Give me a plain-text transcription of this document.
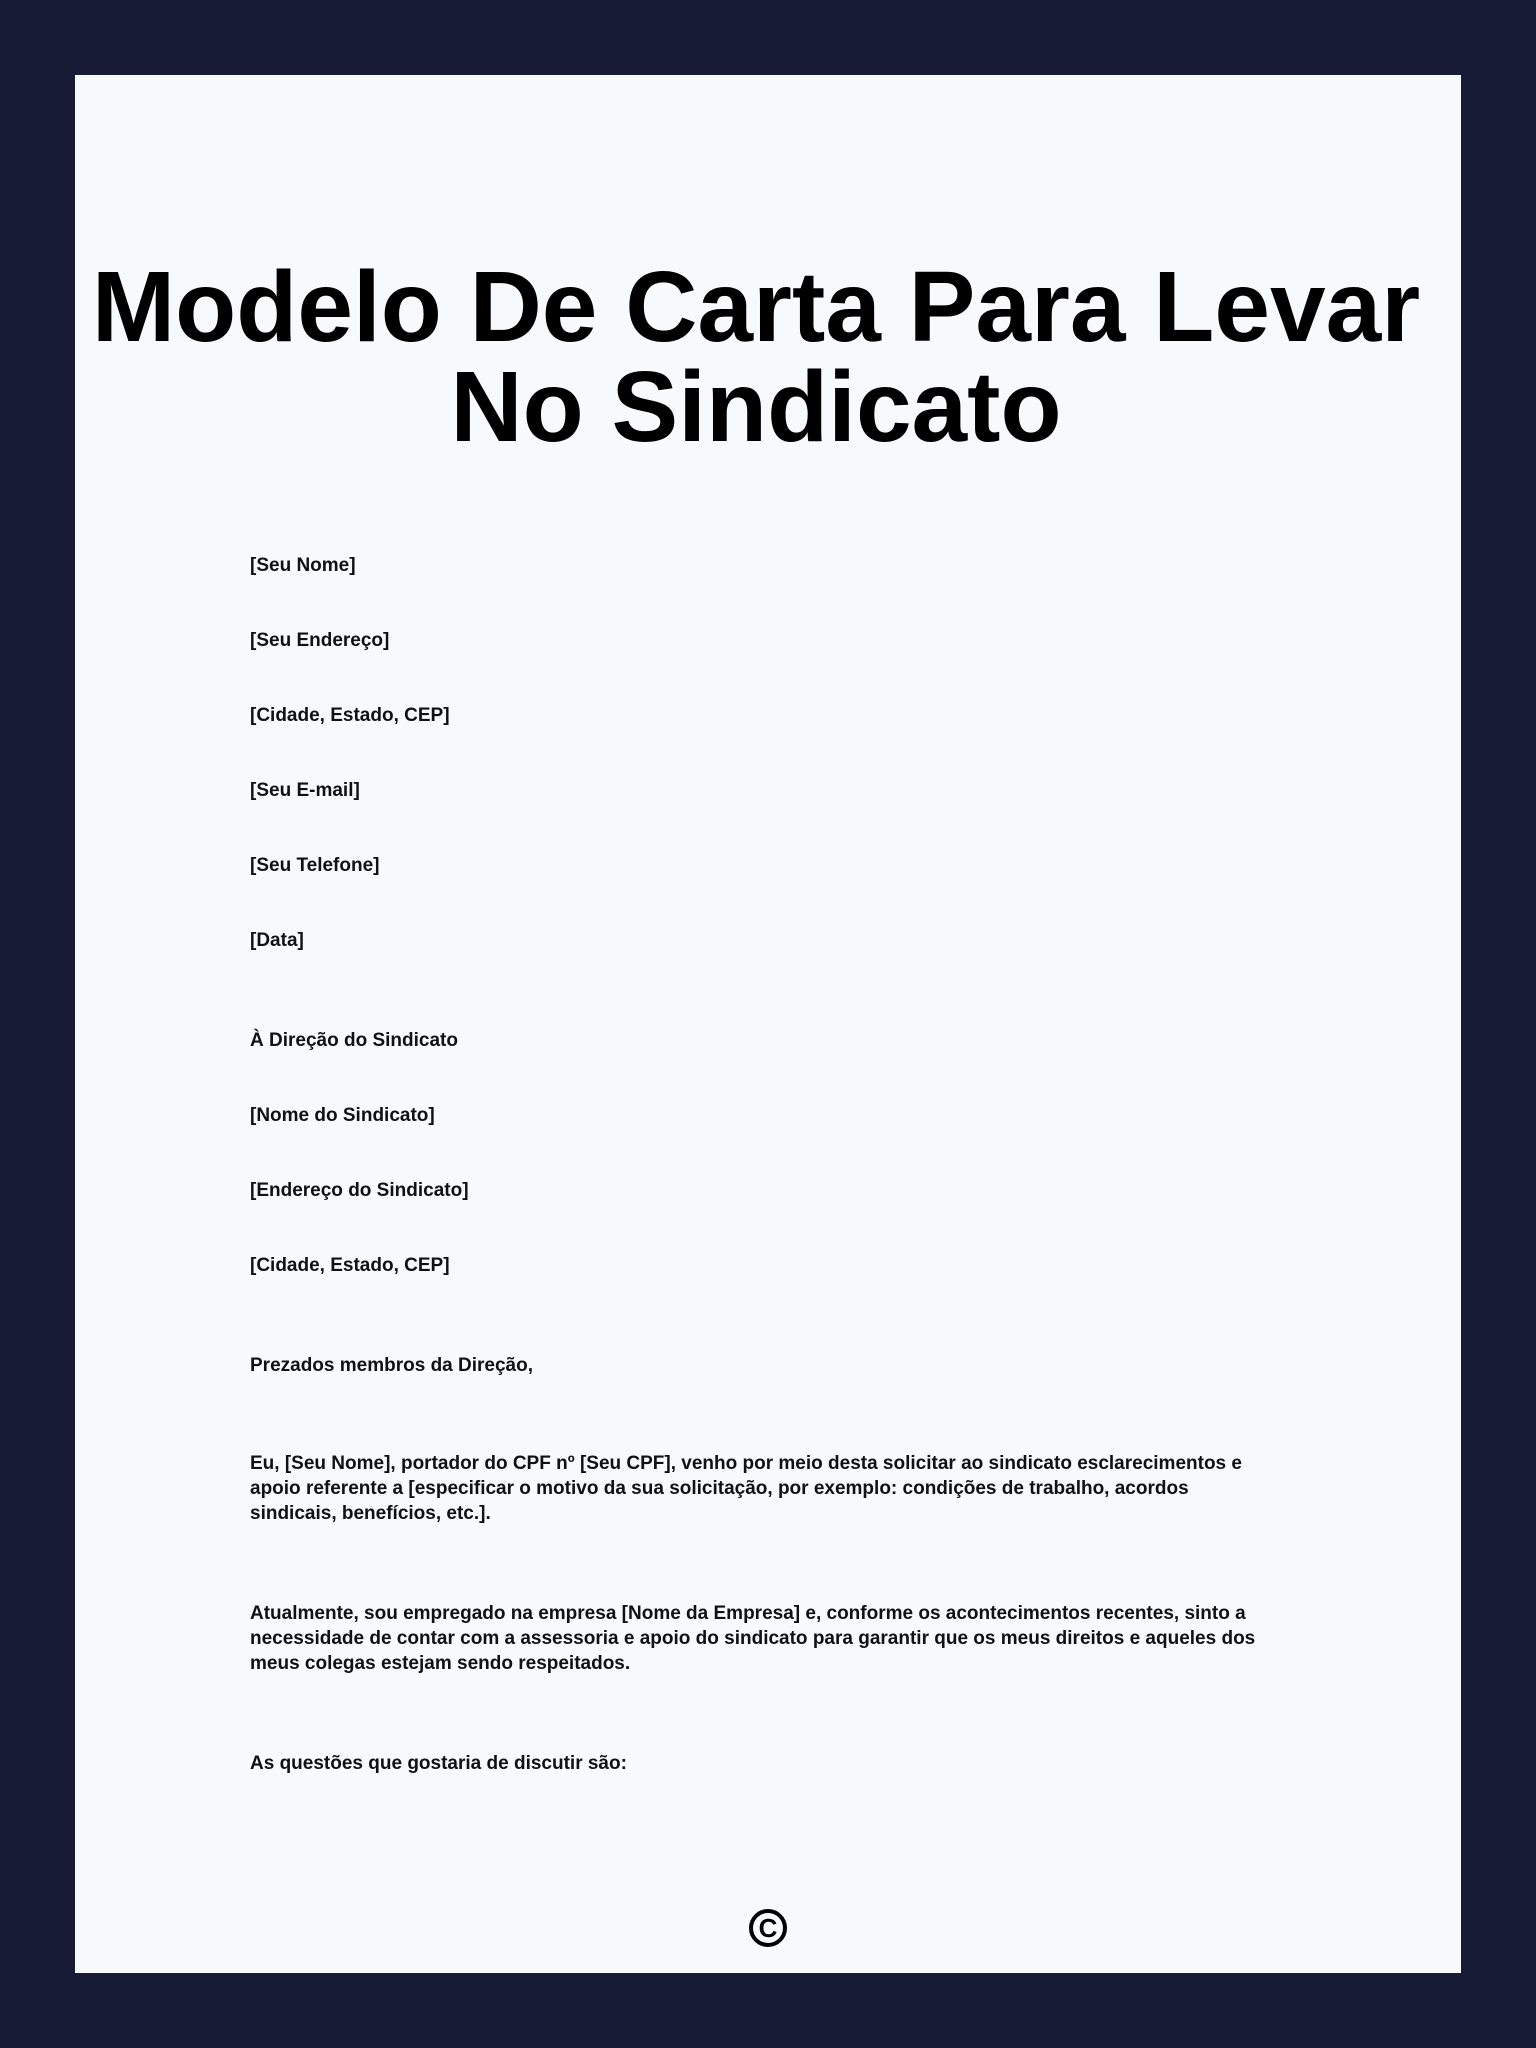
Modelo De Carta Para Levar
No Sindicato
[Seu Nome]
[Seu Endereço]
[Cidade, Estado, CEP]
[Seu E-mail]
[Seu Telefone]
[Data]
À Direção do Sindicato
[Nome do Sindicato]
[Endereço do Sindicato]
[Cidade, Estado, CEP]
Prezados membros da Direção,

Eu, [Seu Nome], portador do CPF nº [Seu CPF], venho por meio desta solicitar ao sindicato esclarecimentos e apoio referente a [especificar o motivo da sua solicitação, por exemplo: condições de trabalho, acordos sindicais, benefícios, etc.].

Atualmente, sou empregado na empresa [Nome da Empresa] e, conforme os acontecimentos recentes, sinto a necessidade de contar com a assessoria e apoio do sindicato para garantir que os meus direitos e aqueles dos meus colegas estejam sendo respeitados.

As questões que gostaria de discutir são:

C
